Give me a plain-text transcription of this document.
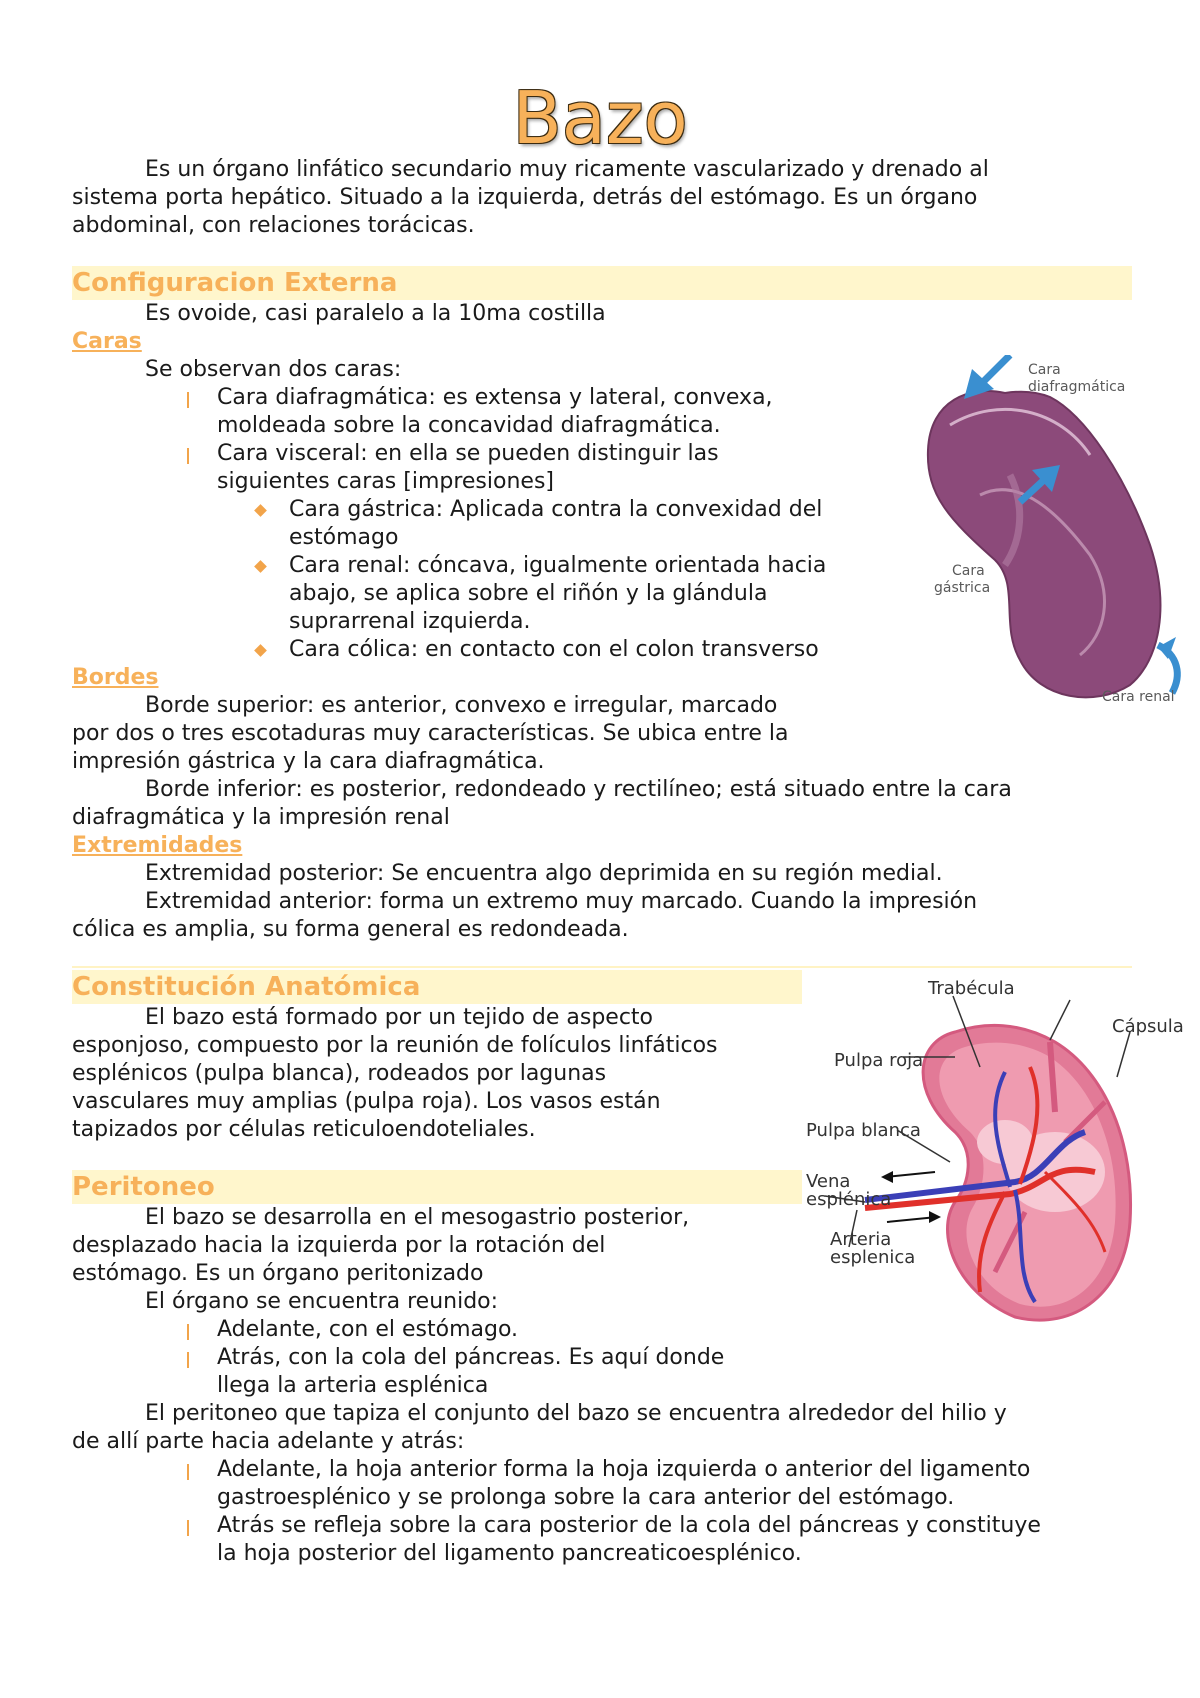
Bazo
Es un órgano linfático secundario muy ricamente vascularizado y drenado al
sistema porta hepático. Situado a la izquierda, detrás del estómago. Es un órgano
abdominal, con relaciones torácicas.
Configuracion Externa
Es ovoide, casi paralelo a la 10ma costilla
Caras
Se observan dos caras:
Cara diafragmática: es extensa y lateral, convexa,
moldeada sobre la concavidad diafragmática.
Cara visceral: en ella se pueden distinguir las
siguientes caras [impresiones]
Cara gástrica: Aplicada contra la convexidad del
estómago
Cara renal: cóncava, igualmente orientada hacia
abajo, se aplica sobre el riñón y la glándula
suprarrenal izquierda.
Cara cólica: en contacto con el colon transverso
Cara
diafragmática
Cara
gástrica
Cara renal
Bordes
Borde superior: es anterior, convexo e irregular, marcado
por dos o tres escotaduras muy características. Se ubica entre la
impresión gástrica y la cara diafragmática.
Borde inferior: es posterior, redondeado y rectilíneo; está situado entre la cara
diafragmática y la impresión renal
Extremidades
Extremidad posterior: Se encuentra algo deprimida en su región medial.
Extremidad anterior: forma un extremo muy marcado. Cuando la impresión
cólica es amplia, su forma general es redondeada.
Constitución Anatómica
El bazo está formado por un tejido de aspecto
esponjoso, compuesto por la reunión de folículos linfáticos
esplénicos (pulpa blanca), rodeados por lagunas
vasculares muy amplias (pulpa roja). Los vasos están
tapizados por células reticuloendoteliales.
Trabécula
Cápsula
Pulpa roja
Pulpa blanca
Vena
esplénica
Arteria
esplenica
Peritoneo
El bazo se desarrolla en el mesogastrio posterior,
desplazado hacia la izquierda por la rotación del
estómago. Es un órgano peritonizado
El órgano se encuentra reunido:
Adelante, con el estómago.
Atrás, con la cola del páncreas. Es aquí donde
llega la arteria esplénica
El peritoneo que tapiza el conjunto del bazo se encuentra alrededor del hilio y
de allí parte hacia adelante y atrás:
Adelante, la hoja anterior forma la hoja izquierda o anterior del ligamento
gastroesplénico y se prolonga sobre la cara anterior del estómago.
Atrás se refleja sobre la cara posterior de la cola del páncreas y constituye
la hoja posterior del ligamento pancreaticoesplénico.
